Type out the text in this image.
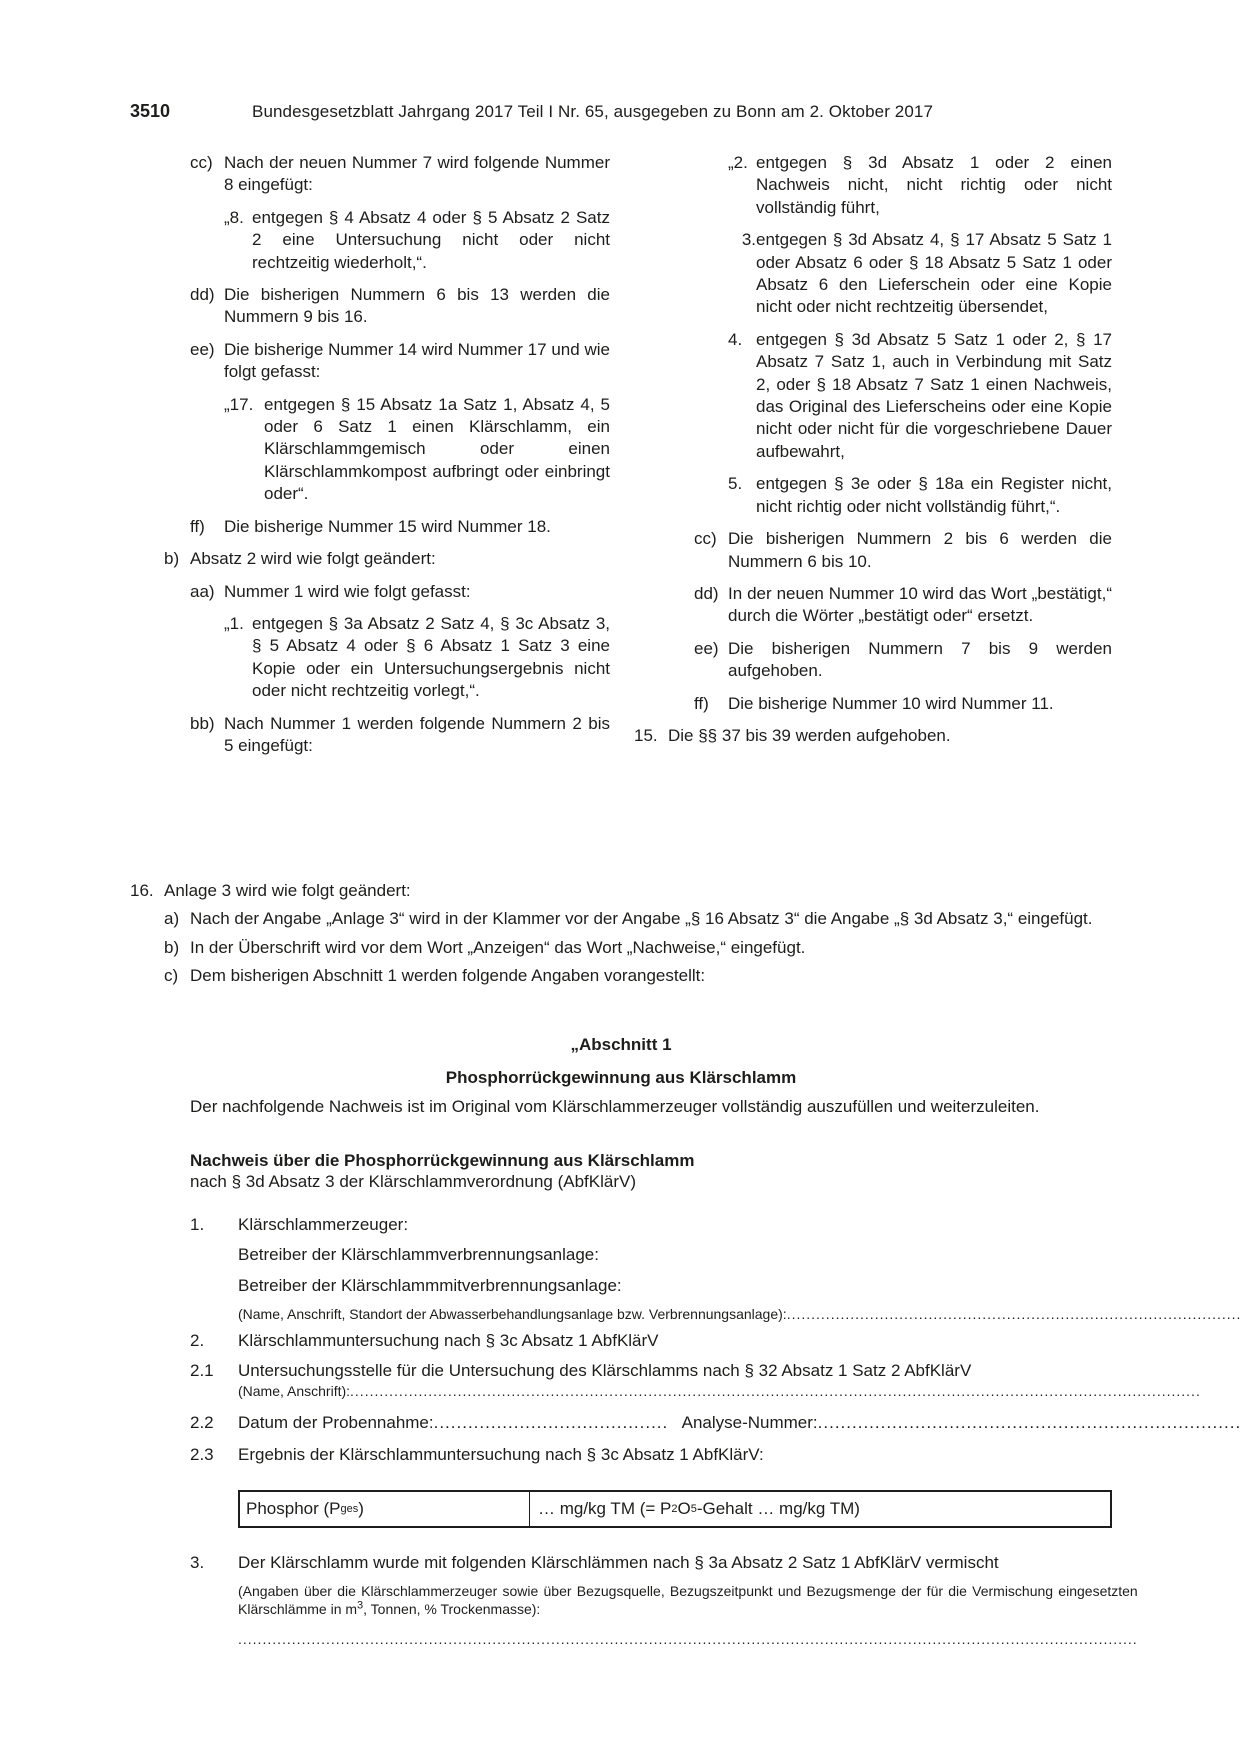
3510	Bundesgesetzblatt Jahrgang 2017 Teil I Nr. 65, ausgegeben zu Bonn am 2. Oktober 2017
cc) Nach der neuen Nummer 7 wird folgende Nummer 8 eingefügt:
„8. entgegen § 4 Absatz 4 oder § 5 Absatz 2 Satz 2 eine Untersuchung nicht oder nicht rechtzeitig wiederholt,“.
dd) Die bisherigen Nummern 6 bis 13 werden die Nummern 9 bis 16.
ee) Die bisherige Nummer 14 wird Nummer 17 und wie folgt gefasst:
„17. entgegen § 15 Absatz 1a Satz 1, Absatz 4, 5 oder 6 Satz 1 einen Klärschlamm, ein Klärschlammgemisch oder einen Klärschlammkompost aufbringt oder einbringt oder“.
ff)	Die bisherige Nummer 15 wird Nummer 18.
b) Absatz 2 wird wie folgt geändert:
aa) Nummer 1 wird wie folgt gefasst:
„1. entgegen § 3a Absatz 2 Satz 4, § 3c Absatz 3, § 5 Absatz 4 oder § 6 Absatz 1 Satz 3 eine Kopie oder ein Untersuchungsergebnis nicht oder nicht rechtzeitig vorlegt,“.
bb) Nach Nummer 1 werden folgende Nummern 2 bis 5 eingefügt:
„2. entgegen § 3d Absatz 1 oder 2 einen Nachweis nicht, nicht richtig oder nicht vollständig führt,
3. entgegen § 3d Absatz 4, § 17 Absatz 5 Satz 1 oder Absatz 6 oder § 18 Absatz 5 Satz 1 oder Absatz 6 den Lieferschein oder eine Kopie nicht oder nicht rechtzeitig übersendet,
4. entgegen § 3d Absatz 5 Satz 1 oder 2, § 17 Absatz 7 Satz 1, auch in Verbindung mit Satz 2, oder § 18 Absatz 7 Satz 1 einen Nachweis, das Original des Lieferscheins oder eine Kopie nicht oder nicht für die vorgeschriebene Dauer aufbewahrt,
5. entgegen § 3e oder § 18a ein Register nicht, nicht richtig oder nicht vollständig führt,“.
cc) Die bisherigen Nummern 2 bis 6 werden die Nummern 6 bis 10.
dd) In der neuen Nummer 10 wird das Wort „bestätigt,“ durch die Wörter „bestätigt oder“ ersetzt.
ee) Die bisherigen Nummern 7 bis 9 werden aufgehoben.
ff)	Die bisherige Nummer 10 wird Nummer 11.
15. Die §§ 37 bis 39 werden aufgehoben.
16. Anlage 3 wird wie folgt geändert:
a) Nach der Angabe „Anlage 3“ wird in der Klammer vor der Angabe „§ 16 Absatz 3“ die Angabe „§ 3d Absatz 3,“ eingefügt.
b) In der Überschrift wird vor dem Wort „Anzeigen“ das Wort „Nachweise,“ eingefügt.
c) Dem bisherigen Abschnitt 1 werden folgende Angaben vorangestellt:
„Abschnitt 1
Phosphorrückgewinnung aus Klärschlamm
Der nachfolgende Nachweis ist im Original vom Klärschlammerzeuger vollständig auszufüllen und weiterzuleiten.
Nachweis über die Phosphorrückgewinnung aus Klärschlamm
nach § 3d Absatz 3 der Klärschlammverordnung (AbfKlärV)
1.	Klärschlammerzeuger:
Betreiber der Klärschlammverbrennungsanlage:
Betreiber der Klärschlammmitverbrennungsanlage:
(Name, Anschrift, Standort der Abwasserbehandlungsanlage bzw. Verbrennungsanlage):
.....
2.	Klärschlammuntersuchung nach § 3c Absatz 1 AbfKlärV
2.1	Untersuchungsstelle für die Untersuchung des Klärschlamms nach § 32 Absatz 1 Satz 2 AbfKlärV
(Name, Anschrift):
.....
2.2	Datum der Probennahme:
.....	Analyse-Nummer:
.....
2.3	Ergebnis der Klärschlammuntersuchung nach § 3c Absatz 1 AbfKlärV:
Phosphor (P ges )	… mg/kg TM (= P 2 O 5 -Gehalt … mg/kg TM)
3.	Der Klärschlamm wurde mit folgenden Klärschlämmen nach § 3a Absatz 2 Satz 1 AbfKlärV vermischt
(Angaben über die Klärschlammerzeuger sowie über Bezugsquelle, Bezugszeitpunkt und Bezugsmenge der für die Vermischung eingesetzten Klärschlämme in $m^3$, Tonnen, % Trockenmasse):
.....
